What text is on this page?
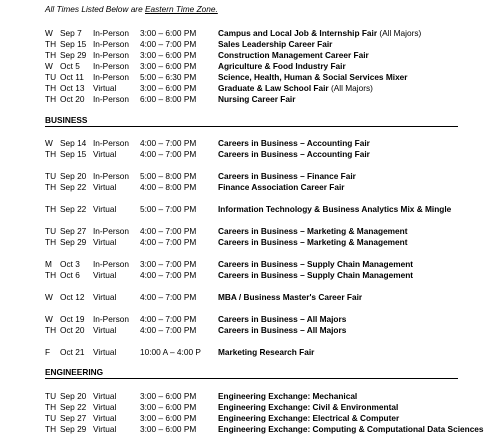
All Times Listed Below are Eastern Time Zone.
W Sep 7 In-Person 3:00 – 6:00 PM	Campus and Local Job & Internship Fair (All Majors)
TH Sep 15 In-Person 4:00 – 7:00 PM	Sales Leadership Career Fair
TH Sep 29 In-Person 3:00 – 6:00 PM	Construction Management Career Fair
W Oct 5 In-Person 3:00 – 6:00 PM	Agriculture & Food Industry Fair
TU Oct 11 In-Person 5:00 – 6:30 PM	Science, Health, Human & Social Services Mixer
TH Oct 13 Virtual	3:00 – 6:00 PM	Graduate & Law School Fair (All Majors)
TH Oct 20 In-Person 6:00 – 8:00 PM	Nursing Career Fair
BUSINESS
W Sep 14 In-Person 4:00 – 7:00 PM	Careers in Business – Accounting Fair
TH Sep 15 Virtual	4:00 – 7:00 PM	Careers in Business – Accounting Fair
TU Sep 20 In-Person 5:00 – 8:00 PM	Careers in Business – Finance Fair
TH Sep 22 Virtual	4:00 – 8:00 PM	Finance Association Career Fair
TH Sep 22 Virtual	5:00 – 7:00 PM	Information Technology & Business Analytics Mix & Mingle
TU Sep 27 In-Person 4:00 – 7:00 PM	Careers in Business – Marketing & Management
TH Sep 29 Virtual	4:00 – 7:00 PM	Careers in Business – Marketing & Management
M Oct 3 In-Person 3:00 – 7:00 PM	Careers in Business – Supply Chain Management
TH Oct 6 Virtual	4:00 – 7:00 PM	Careers in Business – Supply Chain Management
W Oct 12 Virtual	4:00 – 7:00 PM	MBA / Business Master's Career Fair
W Oct 19 In-Person 4:00 – 7:00 PM	Careers in Business – All Majors
TH Oct 20 Virtual	4:00 – 7:00 PM	Careers in Business – All Majors
F Oct 21 Virtual	10:00 A – 4:00 P Marketing Research Fair
ENGINEERING
TU Sep 20 Virtual	3:00 – 6:00 PM	Engineering Exchange: Mechanical
TH Sep 22 Virtual	3:00 – 6:00 PM	Engineering Exchange: Civil & Environmental
TU Sep 27 Virtual	3:00 – 6:00 PM	Engineering Exchange: Electrical & Computer
TH Sep 29 Virtual	3:00 – 6:00 PM	Engineering Exchange: Computing & Computational Data Sciences
